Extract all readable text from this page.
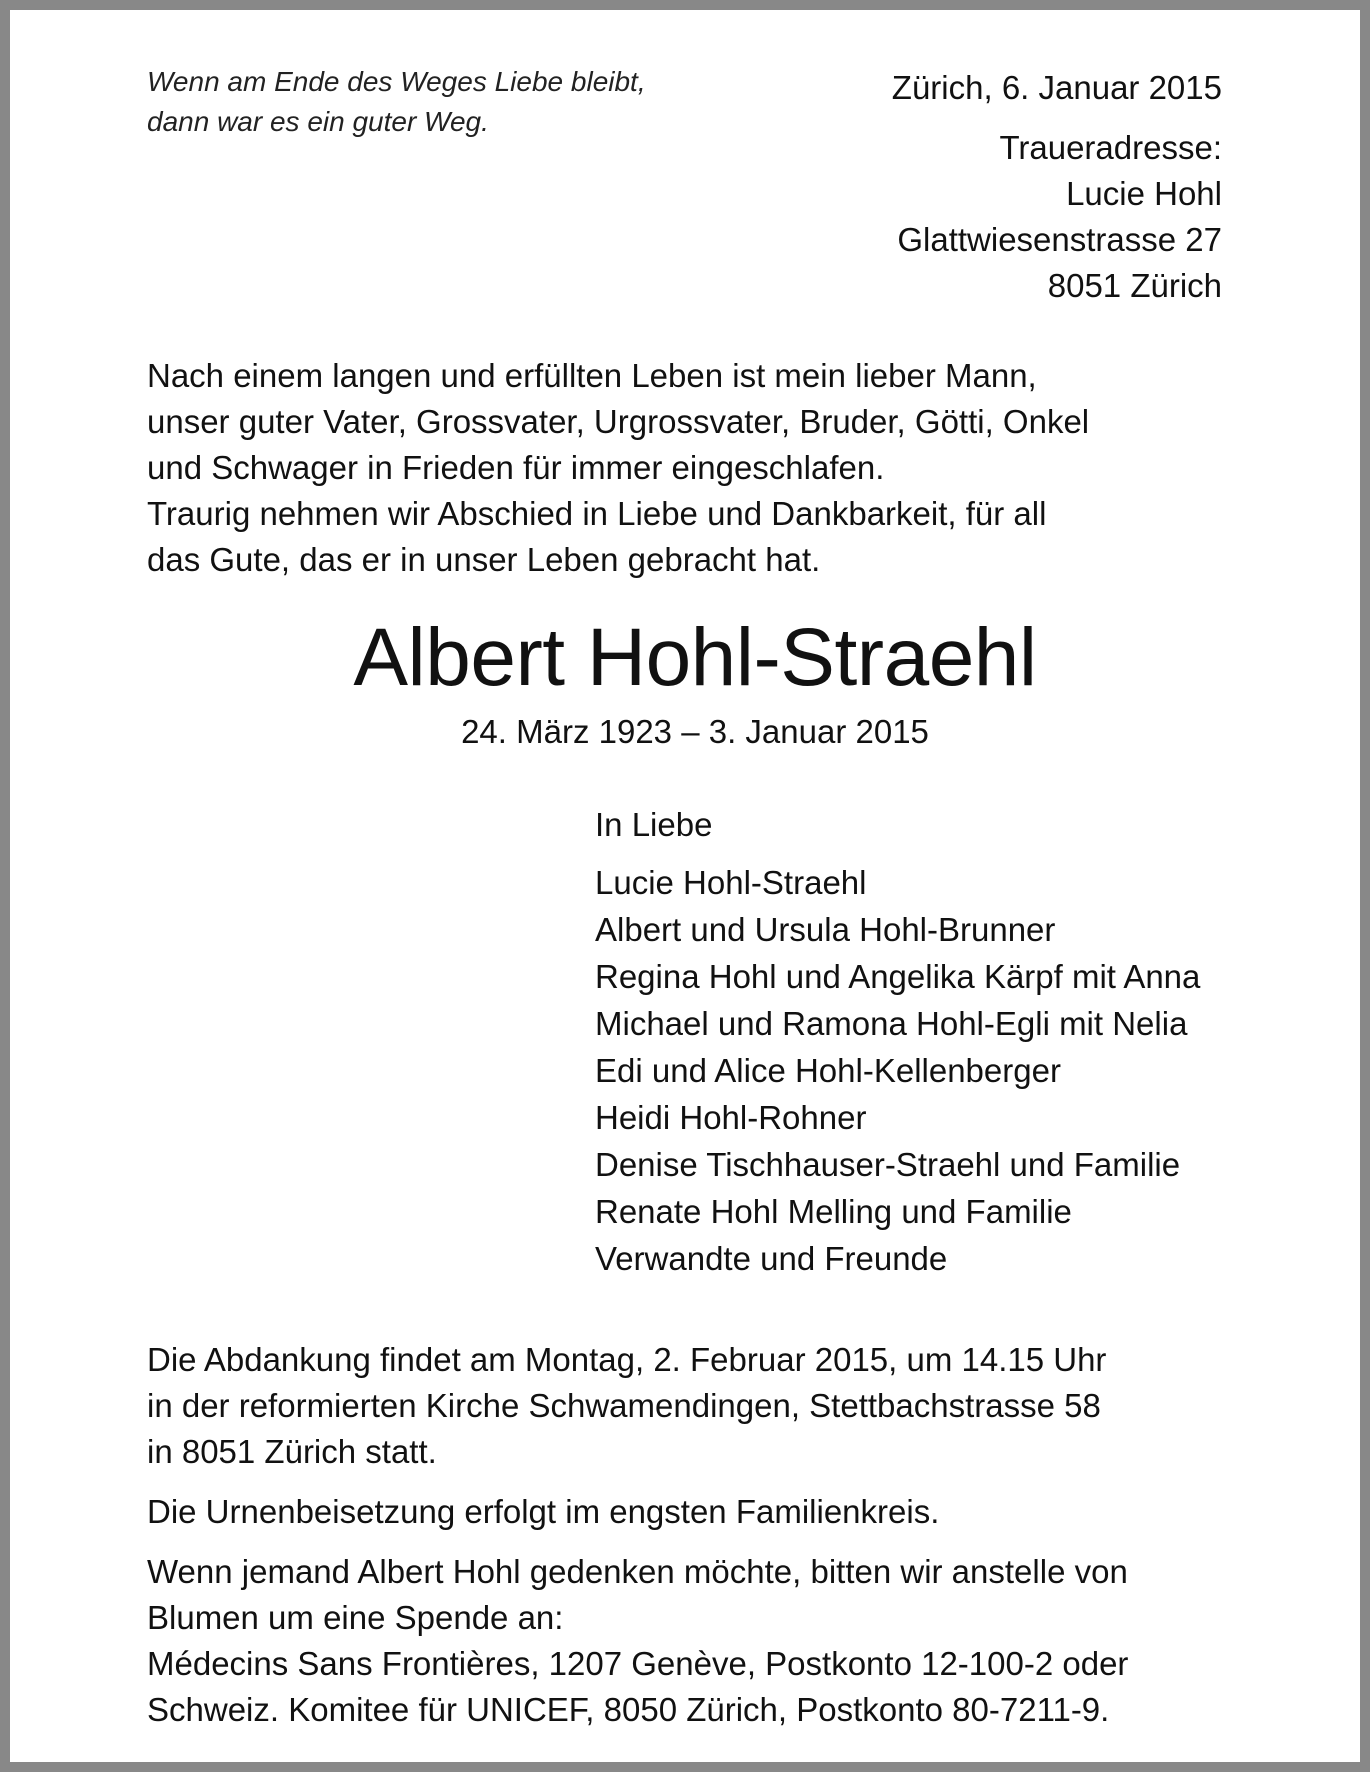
Wenn am Ende des Weges Liebe bleibt,
dann war es ein guter Weg.
Zürich, 6. Januar 2015
Traueradresse:
Lucie Hohl
Glattwiesenstrasse 27
8051 Zürich
Nach einem langen und erfüllten Leben ist mein lieber Mann,
unser guter Vater, Grossvater, Urgrossvater, Bruder, Götti, Onkel
und Schwager in Frieden für immer eingeschlafen.
Traurig nehmen wir Abschied in Liebe und Dankbarkeit, für all
das Gute, das er in unser Leben gebracht hat.
Albert Hohl-Straehl
24. März 1923 – 3. Januar 2015
In Liebe
Lucie Hohl-Straehl
Albert und Ursula Hohl-Brunner
Regina Hohl und Angelika Kärpf mit Anna
Michael und Ramona Hohl-Egli mit Nelia
Edi und Alice Hohl-Kellenberger
Heidi Hohl-Rohner
Denise Tischhauser-Straehl und Familie
Renate Hohl Melling und Familie
Verwandte und Freunde
Die Abdankung findet am Montag, 2. Februar 2015, um 14.15 Uhr
in der reformierten Kirche Schwamendingen, Stettbachstrasse 58
in 8051 Zürich statt.
Die Urnenbeisetzung erfolgt im engsten Familienkreis.
Wenn jemand Albert Hohl gedenken möchte, bitten wir anstelle von
Blumen um eine Spende an:
Médecins Sans Frontières, 1207 Genève, Postkonto 12-100-2 oder
Schweiz. Komitee für UNICEF, 8050 Zürich, Postkonto 80-7211-9.
